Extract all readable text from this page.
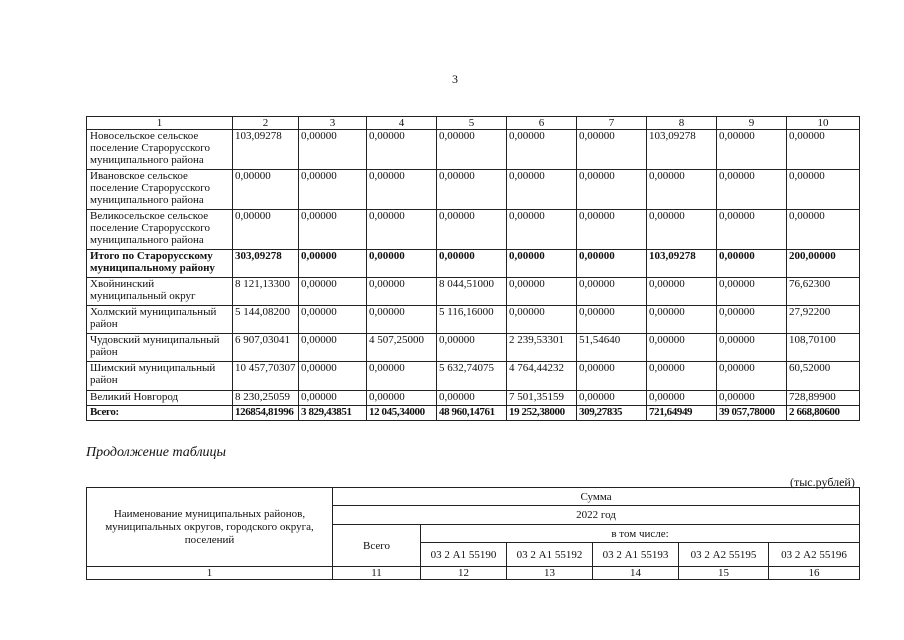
3
1	2	3	4	5	6	7	8	9	10
Новосельское сельское поселение Старорусского муниципального района	103,09278	0,00000	0,00000	0,00000	0,00000	0,00000	103,09278	0,00000	0,00000
Ивановское сельское поселение Старорусского муниципального района	0,00000	0,00000	0,00000	0,00000	0,00000	0,00000	0,00000	0,00000	0,00000
Великосельское сельское поселение Старорусского муниципального района	0,00000	0,00000	0,00000	0,00000	0,00000	0,00000	0,00000	0,00000	0,00000
Итого по Старорусскому муниципальному району	303,09278	0,00000	0,00000	0,00000	0,00000	0,00000	103,09278	0,00000	200,00000
Хвойнинский муниципальный округ	8 121,13300	0,00000	0,00000	8 044,51000	0,00000	0,00000	0,00000	0,00000	76,62300
Холмский муниципальный район	5 144,08200	0,00000	0,00000	5 116,16000	0,00000	0,00000	0,00000	0,00000	27,92200
Чудовский муниципальный район	6 907,03041	0,00000	4 507,25000	0,00000	2 239,53301	51,54640	0,00000	0,00000	108,70100
Шимский муниципальный район	10 457,70307	0,00000	0,00000	5 632,74075	4 764,44232	0,00000	0,00000	0,00000	60,52000
Великий Новгород	8 230,25059	0,00000	0,00000	0,00000	7 501,35159	0,00000	0,00000	0,00000	728,89900
Всего:	126854,81996	3 829,43851	12 045,34000	48 960,14761	19 252,38000	309,27835	721,64949	39 057,78000	2 668,80600
Продолжение таблицы
(тыс.рублей)
Наименование муниципальных районов, муниципальных округов, городского округа, поселений	Сумма					
	2022 год					
	Всего	в том числе:				
		03 2 А1 55190	03 2 А1 55192	03 2 А1 55193	03 2 А2 55195	03 2 А2 55196
1	11	12	13	14	15	16
